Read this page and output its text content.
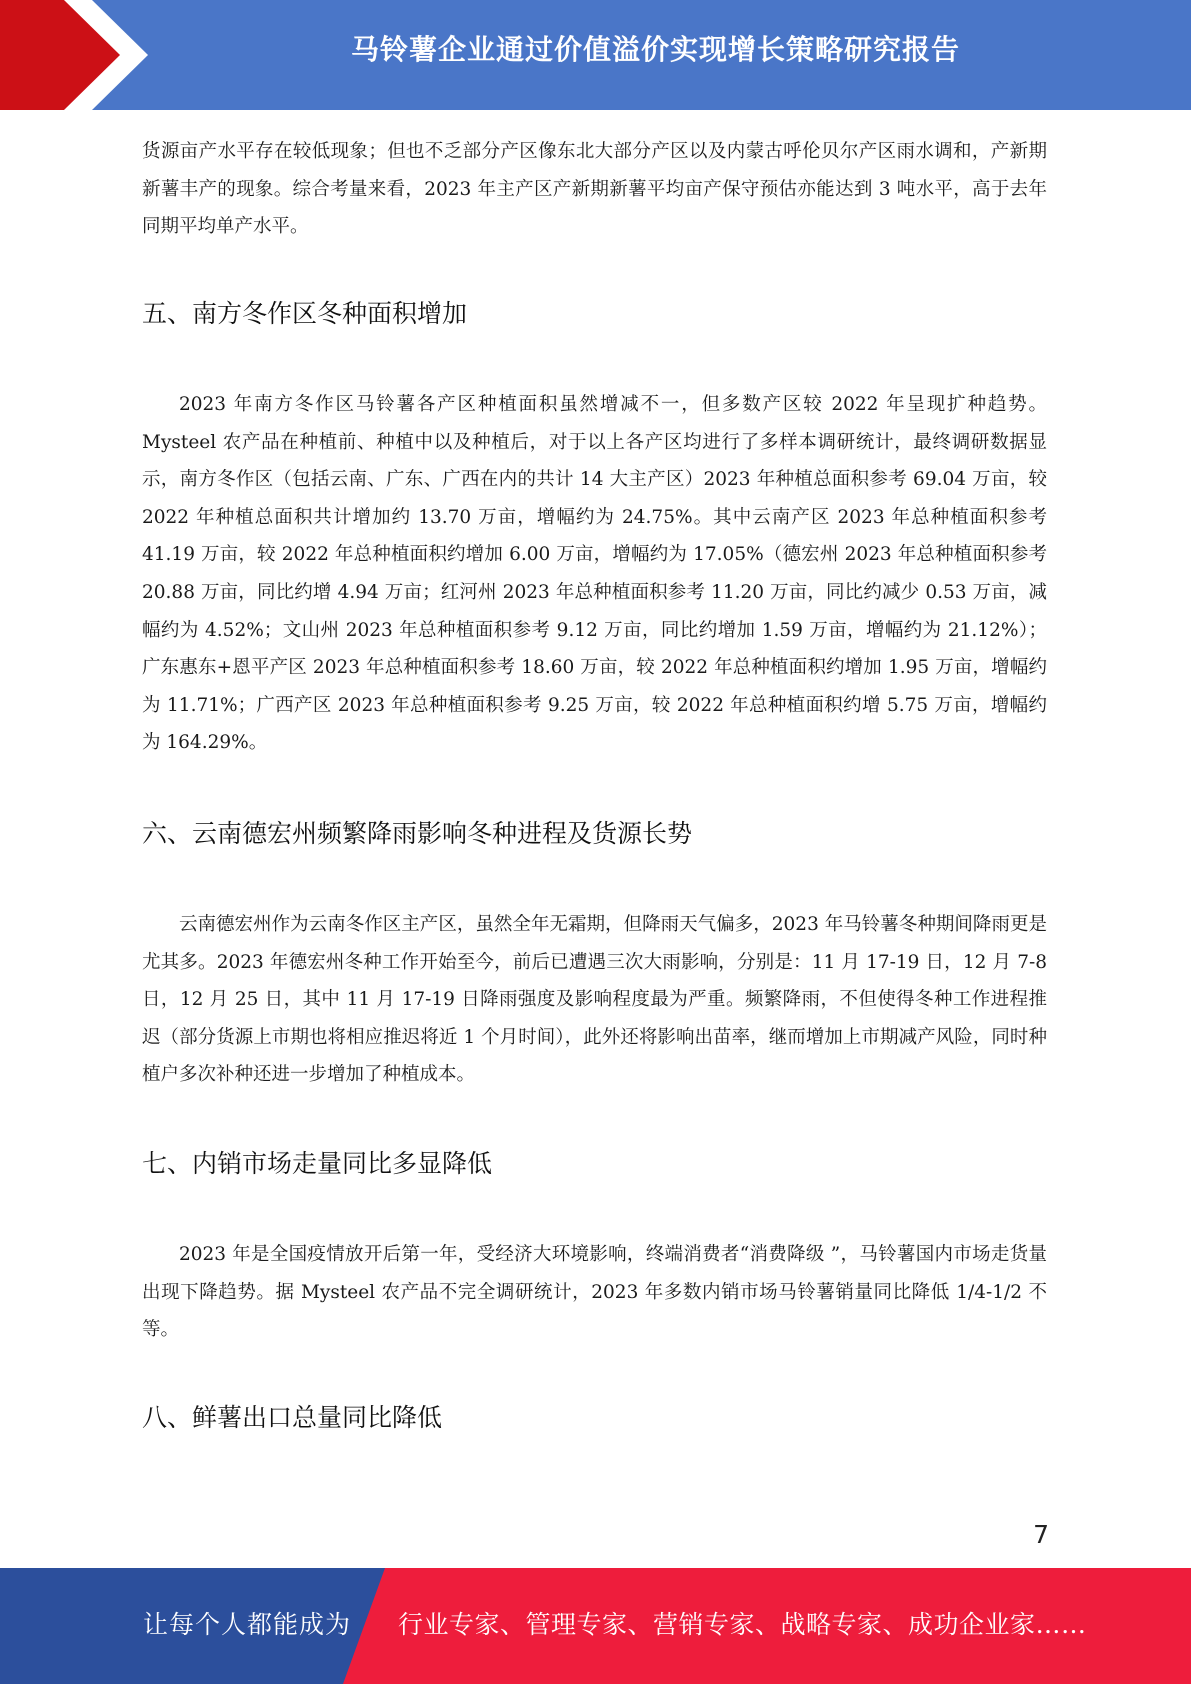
马铃薯企业通过价值溢价实现增长策略研究报告

货源亩产水平存在较低现象；但也不乏部分产区像东北大部分产区以及内蒙古呼伦贝尔产区雨水调和，产新期新薯丰产的现象。综合考量来看，2023 年主产区产新期新薯平均亩产保守预估亦能达到 3 吨水平，高于去年同期平均单产水平。

五、南方冬作区冬种面积增加

2023 年南方冬作区马铃薯各产区种植面积虽然增减不一，但多数产区较 2022 年呈现扩种趋势。Mysteel 农产品在种植前、种植中以及种植后，对于以上各产区均进行了多样本调研统计，最终调研数据显示，南方冬作区（包括云南、广东、广西在内的共计 14 大主产区）2023 年种植总面积参考 69.04 万亩，较 2022 年种植总面积共计增加约 13.70 万亩，增幅约为 24.75%。其中云南产区 2023 年总种植面积参考 41.19 万亩，较 2022 年总种植面积约增加 6.00 万亩，增幅约为 17.05%（德宏州 2023 年总种植面积参考 20.88 万亩，同比约增 4.94 万亩；红河州 2023 年总种植面积参考 11.20 万亩，同比约减少 0.53 万亩，减幅约为 4.52%；文山州 2023 年总种植面积参考 9.12 万亩，同比约增加 1.59 万亩，增幅约为 21.12%）；广东惠东+恩平产区 2023 年总种植面积参考 18.60 万亩，较 2022 年总种植面积约增加 1.95 万亩，增幅约为 11.71%；广西产区 2023 年总种植面积参考 9.25 万亩，较 2022 年总种植面积约增 5.75 万亩，增幅约为 164.29%。

六、云南德宏州频繁降雨影响冬种进程及货源长势

云南德宏州作为云南冬作区主产区，虽然全年无霜期，但降雨天气偏多，2023 年马铃薯冬种期间降雨更是尤其多。2023 年德宏州冬种工作开始至今，前后已遭遇三次大雨影响，分别是：11 月 17-19 日，12 月 7-8 日，12 月 25 日，其中 11 月 17-19 日降雨强度及影响程度最为严重。频繁降雨，不但使得冬种工作进程推迟（部分货源上市期也将相应推迟将近 1 个月时间），此外还将影响出苗率，继而增加上市期减产风险，同时种植户多次补种还进一步增加了种植成本。

七、内销市场走量同比多显降低

2023 年是全国疫情放开后第一年，受经济大环境影响，终端消费者“消费降级 ”，马铃薯国内市场走货量出现下降趋势。据 Mysteel 农产品不完全调研统计，2023 年多数内销市场马铃薯销量同比降低 1/4-1/2 不等。

八、鲜薯出口总量同比降低
7
让每个人都能成为 行业专家、管理专家、营销专家、战略专家、成功企业家……
